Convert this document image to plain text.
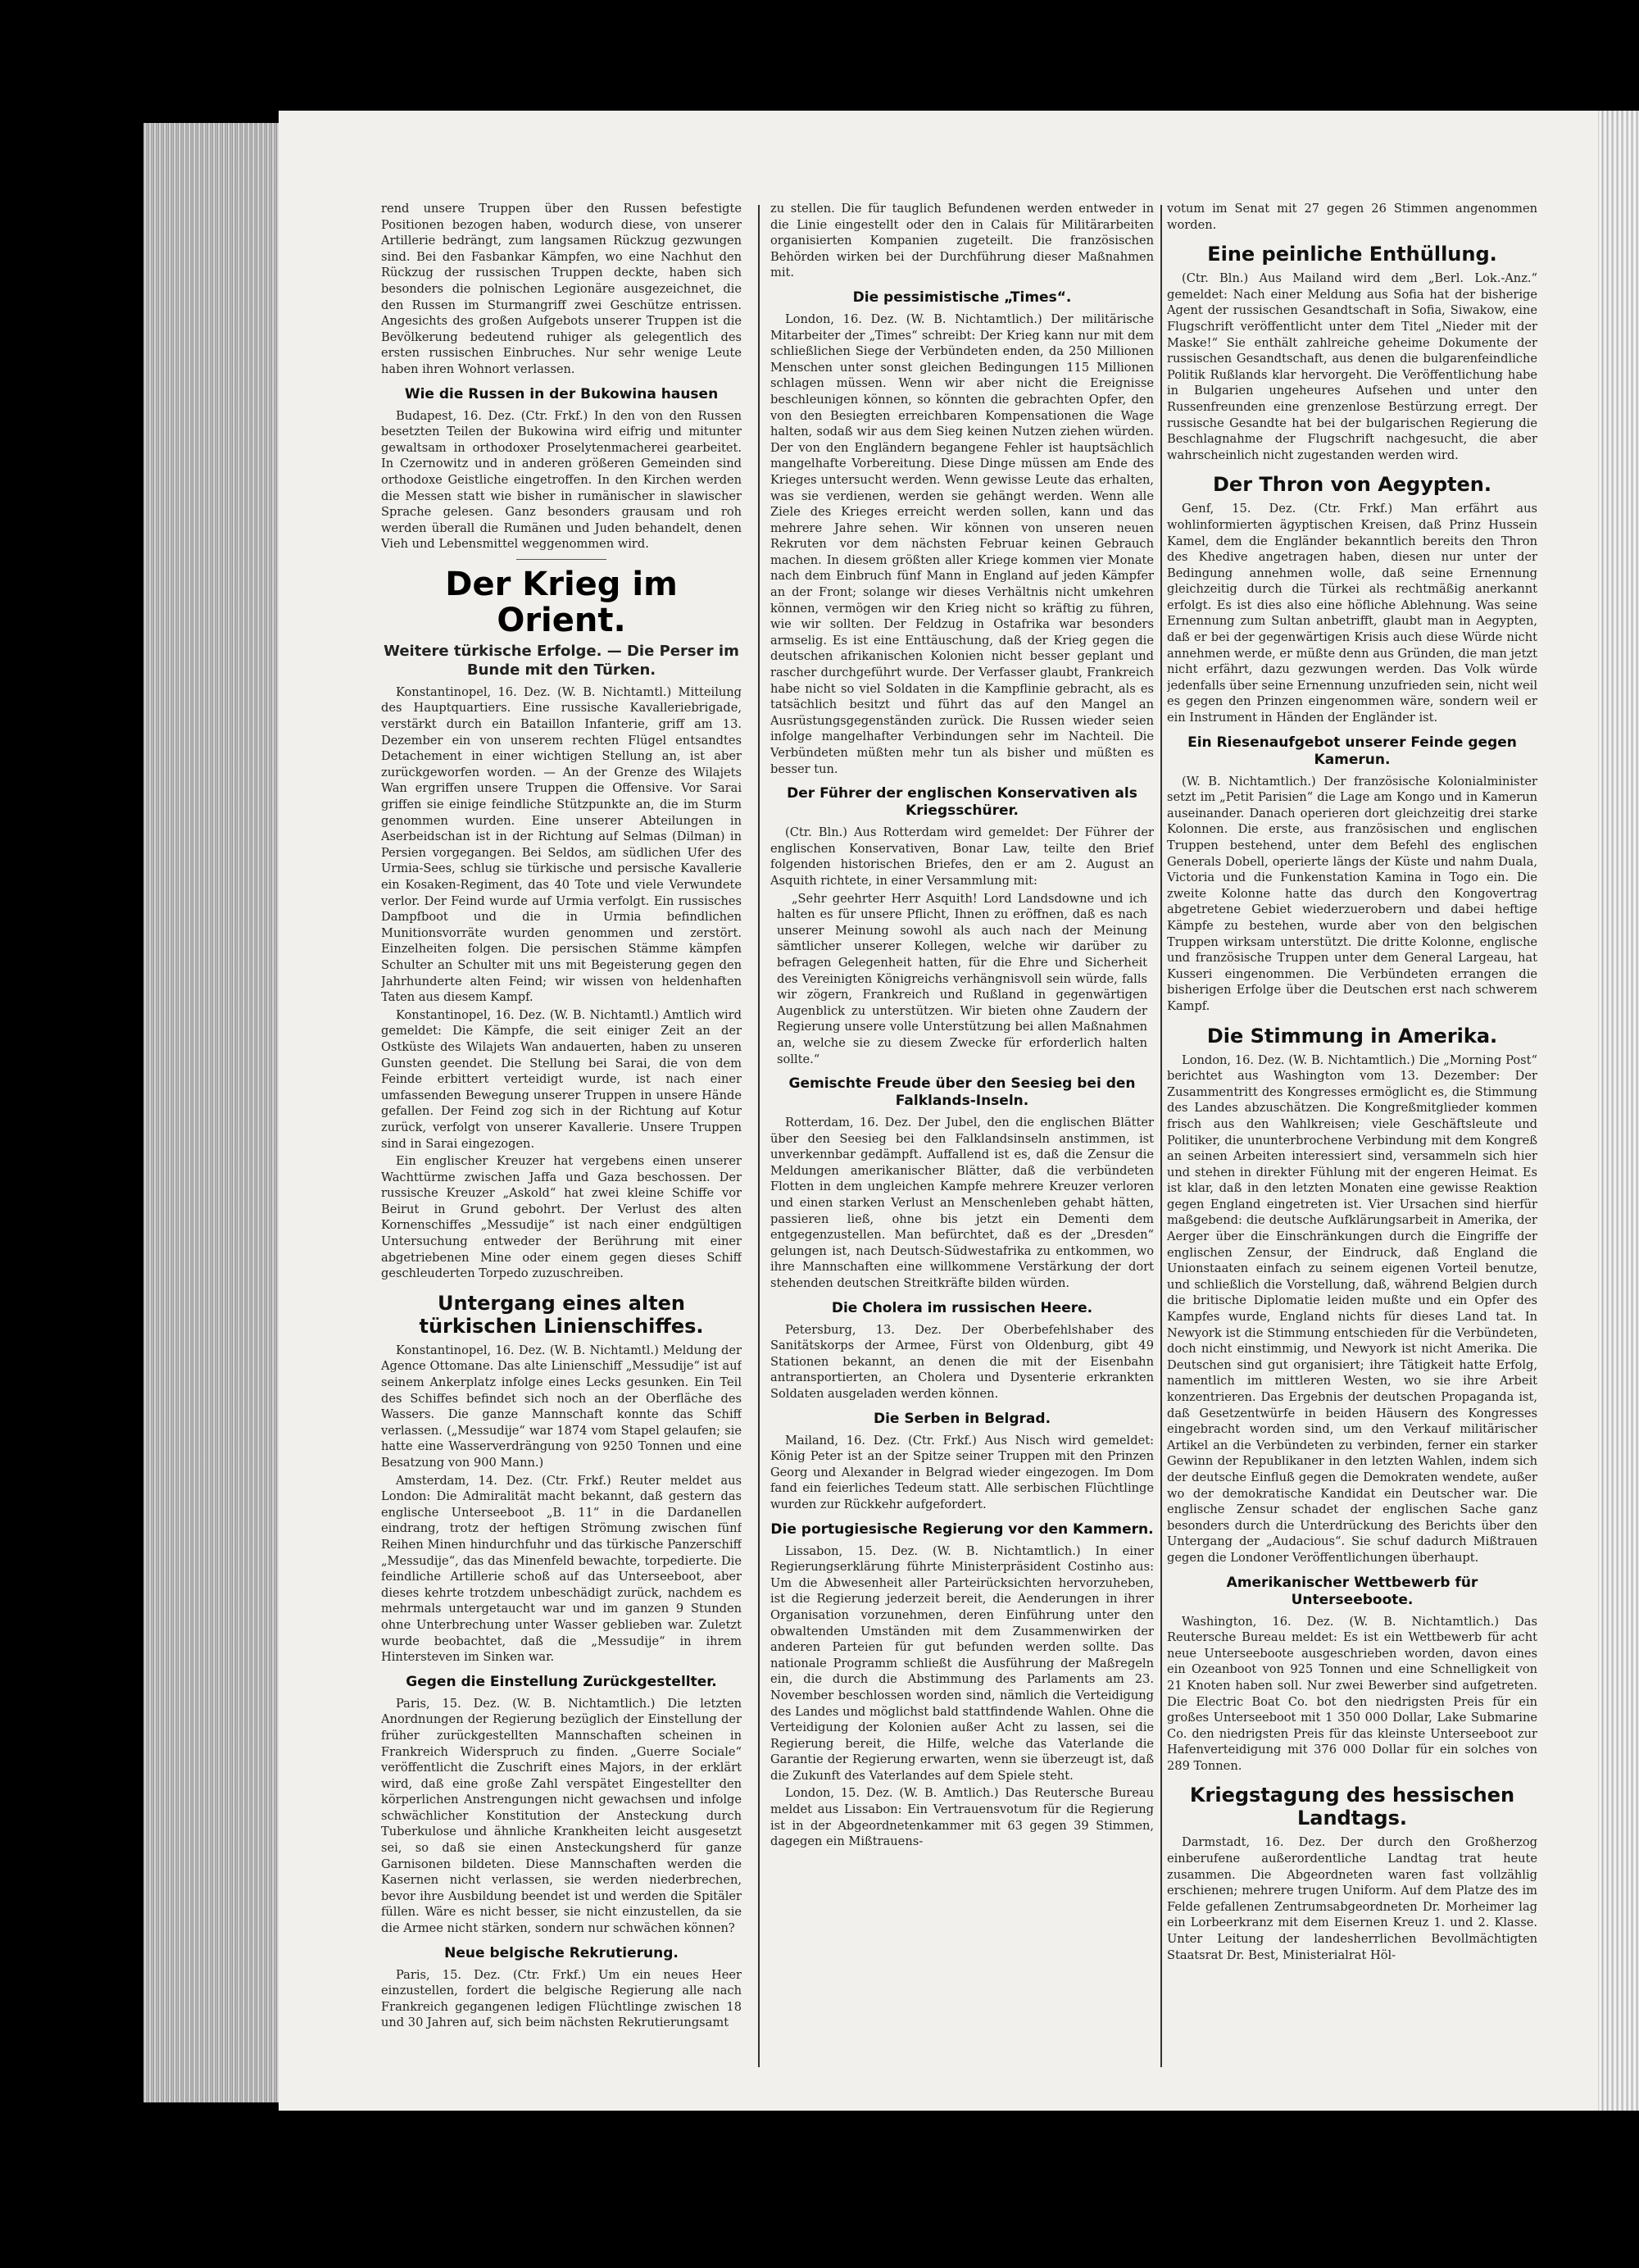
rend unsere Truppen über den Russen befestigte Positionen bezogen haben, wodurch diese, von unserer Artillerie bedrängt, zum langsamen Rückzug gezwungen sind. Bei den Fasbankar Kämpfen, wo eine Nachhut den Rückzug der russischen Truppen deckte, haben sich besonders die polnischen Legionäre ausgezeichnet, die den Russen im Sturmangriff zwei Geschütze entrissen. Angesichts des großen Aufgebots unserer Truppen ist die Bevölkerung bedeutend ruhiger als gelegentlich des ersten russischen Einbruches. Nur sehr wenige Leute haben ihren Wohnort verlassen.

Wie die Russen in der Bukowina hausen

Budapest, 16. Dez. (Ctr. Frkf.) In den von den Russen besetzten Teilen der Bukowina wird eifrig und mitunter gewaltsam in orthodoxer Proselytenmacherei gearbeitet. In Czernowitz und in anderen größeren Gemeinden sind orthodoxe Geistliche eingetroffen. In den Kirchen werden die Messen statt wie bisher in rumänischer in slawischer Sprache gelesen. Ganz besonders grausam und roh werden überall die Rumänen und Juden behandelt, denen Vieh und Lebensmittel weggenommen wird.

Der Krieg im Orient.
Weitere türkische Erfolge. — Die Perser im Bunde mit den Türken.

Konstantinopel, 16. Dez. (W. B. Nichtamtl.) Mitteilung des Hauptquartiers. Eine russische Kavalleriebrigade, verstärkt durch ein Bataillon Infanterie, griff am 13. Dezember ein von unserem rechten Flügel entsandtes Detachement in einer wichtigen Stellung an, ist aber zurückgeworfen worden. — An der Grenze des Wilajets Wan ergriffen unsere Truppen die Offensive. Vor Sarai griffen sie einige feindliche Stützpunkte an, die im Sturm genommen wurden. Eine unserer Abteilungen in Aserbeidschan ist in der Richtung auf Selmas (Dilman) in Persien vorgegangen. Bei Seldos, am südlichen Ufer des Urmia-Sees, schlug sie türkische und persische Kavallerie ein Kosaken-Regiment, das 40 Tote und viele Verwundete verlor. Der Feind wurde auf Urmia verfolgt. Ein russisches Dampfboot und die in Urmia befindlichen Munitionsvorräte wurden genommen und zerstört. Einzelheiten folgen. Die persischen Stämme kämpfen Schulter an Schulter mit uns mit Begeisterung gegen den Jahrhunderte alten Feind; wir wissen von heldenhaften Taten aus diesem Kampf.

Konstantinopel, 16. Dez. (W. B. Nichtamtl.) Amtlich wird gemeldet: Die Kämpfe, die seit einiger Zeit an der Ostküste des Wilajets Wan andauerten, haben zu unseren Gunsten geendet. Die Stellung bei Sarai, die von dem Feinde erbittert verteidigt wurde, ist nach einer umfassenden Bewegung unserer Truppen in unsere Hände gefallen. Der Feind zog sich in der Richtung auf Kotur zurück, verfolgt von unserer Kavallerie. Unsere Truppen sind in Sarai eingezogen.

Ein englischer Kreuzer hat vergebens einen unserer Wachttürme zwischen Jaffa und Gaza beschossen. Der russische Kreuzer „Askold“ hat zwei kleine Schiffe vor Beirut in Grund gebohrt. Der Verlust des alten Kornenschiffes „Messudije“ ist nach einer endgültigen Untersuchung entweder der Berührung mit einer abgetriebenen Mine oder einem gegen dieses Schiff geschleuderten Torpedo zuzuschreiben.

Untergang eines alten türkischen Linienschiffes.

Konstantinopel, 16. Dez. (W. B. Nichtamtl.) Meldung der Agence Ottomane. Das alte Linienschiff „Messudije“ ist auf seinem Ankerplatz infolge eines Lecks gesunken. Ein Teil des Schiffes befindet sich noch an der Oberfläche des Wassers. Die ganze Mannschaft konnte das Schiff verlassen. („Messudije“ war 1874 vom Stapel gelaufen; sie hatte eine Wasserverdrängung von 9250 Tonnen und eine Besatzung von 900 Mann.)

Amsterdam, 14. Dez. (Ctr. Frkf.) Reuter meldet aus London: Die Admiralität macht bekannt, daß gestern das englische Unterseeboot „B. 11“ in die Dardanellen eindrang, trotz der heftigen Strömung zwischen fünf Reihen Minen hindurchfuhr und das türkische Panzerschiff „Messudije“, das das Minenfeld bewachte, torpedierte. Die feindliche Artillerie schoß auf das Unterseeboot, aber dieses kehrte trotzdem unbeschädigt zurück, nachdem es mehrmals untergetaucht war und im ganzen 9 Stunden ohne Unterbrechung unter Wasser geblieben war. Zuletzt wurde beobachtet, daß die „Messudije“ in ihrem Hintersteven im Sinken war.

Gegen die Einstellung Zurückgestellter.

Paris, 15. Dez. (W. B. Nichtamtlich.) Die letzten Anordnungen der Regierung bezüglich der Einstellung der früher zurückgestellten Mannschaften scheinen in Frankreich Widerspruch zu finden. „Guerre Sociale“ veröffentlicht die Zuschrift eines Majors, in der erklärt wird, daß eine große Zahl verspätet Eingestellter den körperlichen Anstrengungen nicht gewachsen und infolge schwächlicher Konstitution der Ansteckung durch Tuberkulose und ähnliche Krankheiten leicht ausgesetzt sei, so daß sie einen Ansteckungsherd für ganze Garnisonen bildeten. Diese Mannschaften werden die Kasernen nicht verlassen, sie werden niederbrechen, bevor ihre Ausbildung beendet ist und werden die Spitäler füllen. Wäre es nicht besser, sie nicht einzustellen, da sie die Armee nicht stärken, sondern nur schwächen können?

Neue belgische Rekrutierung.

Paris, 15. Dez. (Ctr. Frkf.) Um ein neues Heer einzustellen, fordert die belgische Regierung alle nach Frankreich gegangenen ledigen Flüchtlinge zwischen 18 und 30 Jahren auf, sich beim nächsten Rekrutierungsamt

zu stellen. Die für tauglich Befundenen werden entweder in die Linie eingestellt oder den in Calais für Militärarbeiten organisierten Kompanien zugeteilt. Die französischen Behörden wirken bei der Durchführung dieser Maßnahmen mit.

Die pessimistische „Times“.

London, 16. Dez. (W. B. Nichtamtlich.) Der militärische Mitarbeiter der „Times“ schreibt: Der Krieg kann nur mit dem schließlichen Siege der Verbündeten enden, da 250 Millionen Menschen unter sonst gleichen Bedingungen 115 Millionen schlagen müssen. Wenn wir aber nicht die Ereignisse beschleunigen können, so könnten die gebrachten Opfer, den von den Besiegten erreichbaren Kompensationen die Wage halten, sodaß wir aus dem Sieg keinen Nutzen ziehen würden. Der von den Engländern begangene Fehler ist hauptsächlich mangelhafte Vorbereitung. Diese Dinge müssen am Ende des Krieges untersucht werden. Wenn gewisse Leute das erhalten, was sie verdienen, werden sie gehängt werden. Wenn alle Ziele des Krieges erreicht werden sollen, kann und das mehrere Jahre sehen. Wir können von unseren neuen Rekruten vor dem nächsten Februar keinen Gebrauch machen. In diesem größten aller Kriege kommen vier Monate nach dem Einbruch fünf Mann in England auf jeden Kämpfer an der Front; solange wir dieses Verhältnis nicht umkehren können, vermögen wir den Krieg nicht so kräftig zu führen, wie wir sollten. Der Feldzug in Ostafrika war besonders armselig. Es ist eine Enttäuschung, daß der Krieg gegen die deutschen afrikanischen Kolonien nicht besser geplant und rascher durchgeführt wurde. Der Verfasser glaubt, Frankreich habe nicht so viel Soldaten in die Kampflinie gebracht, als es tatsächlich besitzt und führt das auf den Mangel an Ausrüstungsgegenständen zurück. Die Russen wieder seien infolge mangelhafter Verbindungen sehr im Nachteil. Die Verbündeten müßten mehr tun als bisher und müßten es besser tun.

Der Führer der englischen Konservativen als Kriegsschürer.

(Ctr. Bln.) Aus Rotterdam wird gemeldet: Der Führer der englischen Konservativen, Bonar Law, teilte den Brief folgenden historischen Briefes, den er am 2. August an Asquith richtete, in einer Versammlung mit:

„Sehr geehrter Herr Asquith! Lord Landsdowne und ich halten es für unsere Pflicht, Ihnen zu eröffnen, daß es nach unserer Meinung sowohl als auch nach der Meinung sämtlicher unserer Kollegen, welche wir darüber zu befragen Gelegenheit hatten, für die Ehre und Sicherheit des Vereinigten Königreichs verhängnisvoll sein würde, falls wir zögern, Frankreich und Rußland in gegenwärtigen Augenblick zu unterstützen. Wir bieten ohne Zaudern der Regierung unsere volle Unterstützung bei allen Maßnahmen an, welche sie zu diesem Zwecke für erforderlich halten sollte.“

Gemischte Freude über den Seesieg bei den Falklands-Inseln.

Rotterdam, 16. Dez. Der Jubel, den die englischen Blätter über den Seesieg bei den Falklandsinseln anstimmen, ist unverkennbar gedämpft. Auffallend ist es, daß die Zensur die Meldungen amerikanischer Blätter, daß die verbündeten Flotten in dem ungleichen Kampfe mehrere Kreuzer verloren und einen starken Verlust an Menschenleben gehabt hätten, passieren ließ, ohne bis jetzt ein Dementi dem entgegenzustellen. Man befürchtet, daß es der „Dresden“ gelungen ist, nach Deutsch-Südwestafrika zu entkommen, wo ihre Mannschaften eine willkommene Verstärkung der dort stehenden deutschen Streitkräfte bilden würden.

Die Cholera im russischen Heere.

Petersburg, 13. Dez. Der Oberbefehlshaber des Sanitätskorps der Armee, Fürst von Oldenburg, gibt 49 Stationen bekannt, an denen die mit der Eisenbahn antransportierten, an Cholera und Dysenterie erkrankten Soldaten ausgeladen werden können.

Die Serben in Belgrad.

Mailand, 16. Dez. (Ctr. Frkf.) Aus Nisch wird gemeldet: König Peter ist an der Spitze seiner Truppen mit den Prinzen Georg und Alexander in Belgrad wieder eingezogen. Im Dom fand ein feierliches Tedeum statt. Alle serbischen Flüchtlinge wurden zur Rückkehr aufgefordert.

Die portugiesische Regierung vor den Kammern.

Lissabon, 15. Dez. (W. B. Nichtamtlich.) In einer Regierungserklärung führte Ministerpräsident Costinho aus: Um die Abwesenheit aller Parteirücksichten hervorzuheben, ist die Regierung jederzeit bereit, die Aenderungen in ihrer Organisation vorzunehmen, deren Einführung unter den obwaltenden Umständen mit dem Zusammenwirken der anderen Parteien für gut befunden werden sollte. Das nationale Programm schließt die Ausführung der Maßregeln ein, die durch die Abstimmung des Parlaments am 23. November beschlossen worden sind, nämlich die Verteidigung des Landes und möglichst bald stattfindende Wahlen. Ohne die Verteidigung der Kolonien außer Acht zu lassen, sei die Regierung bereit, die Hilfe, welche das Vaterlande die Garantie der Regierung erwarten, wenn sie überzeugt ist, daß die Zukunft des Vaterlandes auf dem Spiele steht.

London, 15. Dez. (W. B. Amtlich.) Das Reutersche Bureau meldet aus Lissabon: Ein Vertrauensvotum für die Regierung ist in der Abgeordnetenkammer mit 63 gegen 39 Stimmen, dagegen ein Mißtrauens-

votum im Senat mit 27 gegen 26 Stimmen angenommen worden.

Eine peinliche Enthüllung.

(Ctr. Bln.) Aus Mailand wird dem „Berl. Lok.-Anz.“ gemeldet: Nach einer Meldung aus Sofia hat der bisherige Agent der russischen Gesandtschaft in Sofia, Siwakow, eine Flugschrift veröffentlicht unter dem Titel „Nieder mit der Maske!“ Sie enthält zahlreiche geheime Dokumente der russischen Gesandtschaft, aus denen die bulgarenfeindliche Politik Rußlands klar hervorgeht. Die Veröffentlichung habe in Bulgarien ungeheures Aufsehen und unter den Russenfreunden eine grenzenlose Bestürzung erregt. Der russische Gesandte hat bei der bulgarischen Regierung die Beschlagnahme der Flugschrift nachgesucht, die aber wahrscheinlich nicht zugestanden werden wird.

Der Thron von Aegypten.

Genf, 15. Dez. (Ctr. Frkf.) Man erfährt aus wohlinformierten ägyptischen Kreisen, daß Prinz Hussein Kamel, dem die Engländer bekanntlich bereits den Thron des Khedive angetragen haben, diesen nur unter der Bedingung annehmen wolle, daß seine Ernennung gleichzeitig durch die Türkei als rechtmäßig anerkannt erfolgt. Es ist dies also eine höfliche Ablehnung. Was seine Ernennung zum Sultan anbetrifft, glaubt man in Aegypten, daß er bei der gegenwärtigen Krisis auch diese Würde nicht annehmen werde, er müßte denn aus Gründen, die man jetzt nicht erfährt, dazu gezwungen werden. Das Volk würde jedenfalls über seine Ernennung unzufrieden sein, nicht weil es gegen den Prinzen eingenommen wäre, sondern weil er ein Instrument in Händen der Engländer ist.

Ein Riesenaufgebot unserer Feinde gegen Kamerun.

(W. B. Nichtamtlich.) Der französische Kolonialminister setzt im „Petit Parisien“ die Lage am Kongo und in Kamerun auseinander. Danach operieren dort gleichzeitig drei starke Kolonnen. Die erste, aus französischen und englischen Truppen bestehend, unter dem Befehl des englischen Generals Dobell, operierte längs der Küste und nahm Duala, Victoria und die Funkenstation Kamina in Togo ein. Die zweite Kolonne hatte das durch den Kongovertrag abgetretene Gebiet wiederzuerobern und dabei heftige Kämpfe zu bestehen, wurde aber von den belgischen Truppen wirksam unterstützt. Die dritte Kolonne, englische und französische Truppen unter dem General Largeau, hat Kusseri eingenommen. Die Verbündeten errangen die bisherigen Erfolge über die Deutschen erst nach schwerem Kampf.

Die Stimmung in Amerika.

London, 16. Dez. (W. B. Nichtamtlich.) Die „Morning Post“ berichtet aus Washington vom 13. Dezember: Der Zusammentritt des Kongresses ermöglicht es, die Stimmung des Landes abzuschätzen. Die Kongreßmitglieder kommen frisch aus den Wahlkreisen; viele Geschäftsleute und Politiker, die ununterbrochene Verbindung mit dem Kongreß an seinen Arbeiten interessiert sind, versammeln sich hier und stehen in direkter Fühlung mit der engeren Heimat. Es ist klar, daß in den letzten Monaten eine gewisse Reaktion gegen England eingetreten ist. Vier Ursachen sind hierfür maßgebend: die deutsche Aufklärungsarbeit in Amerika, der Aerger über die Einschränkungen durch die Eingriffe der englischen Zensur, der Eindruck, daß England die Unionstaaten einfach zu seinem eigenen Vorteil benutze, und schließlich die Vorstellung, daß, während Belgien durch die britische Diplomatie leiden mußte und ein Opfer des Kampfes wurde, England nichts für dieses Land tat. In Newyork ist die Stimmung entschieden für die Verbündeten, doch nicht einstimmig, und Newyork ist nicht Amerika. Die Deutschen sind gut organisiert; ihre Tätigkeit hatte Erfolg, namentlich im mittleren Westen, wo sie ihre Arbeit konzentrieren. Das Ergebnis der deutschen Propaganda ist, daß Gesetzentwürfe in beiden Häusern des Kongresses eingebracht worden sind, um den Verkauf militärischer Artikel an die Verbündeten zu verbinden, ferner ein starker Gewinn der Republikaner in den letzten Wahlen, indem sich der deutsche Einfluß gegen die Demokraten wendete, außer wo der demokratische Kandidat ein Deutscher war. Die englische Zensur schadet der englischen Sache ganz besonders durch die Unterdrückung des Berichts über den Untergang der „Audacious“. Sie schuf dadurch Mißtrauen gegen die Londoner Veröffentlichungen überhaupt.

Amerikanischer Wettbewerb für Unterseeboote.

Washington, 16. Dez. (W. B. Nichtamtlich.) Das Reutersche Bureau meldet: Es ist ein Wettbewerb für acht neue Unterseeboote ausgeschrieben worden, davon eines ein Ozeanboot von 925 Tonnen und eine Schnelligkeit von 21 Knoten haben soll. Nur zwei Bewerber sind aufgetreten. Die Electric Boat Co. bot den niedrigsten Preis für ein großes Unterseeboot mit 1 350 000 Dollar, Lake Submarine Co. den niedrigsten Preis für das kleinste Unterseeboot zur Hafenverteidigung mit 376 000 Dollar für ein solches von 289 Tonnen.

Kriegstagung des hessischen Landtags.

Darmstadt, 16. Dez. Der durch den Großherzog einberufene außerordentliche Landtag trat heute zusammen. Die Abgeordneten waren fast vollzählig erschienen; mehrere trugen Uniform. Auf dem Platze des im Felde gefallenen Zentrumsabgeordneten Dr. Morheimer lag ein Lorbeerkranz mit dem Eisernen Kreuz 1. und 2. Klasse. Unter Leitung der landesherrlichen Bevollmächtigten Staatsrat Dr. Best, Ministerialrat Höl-
